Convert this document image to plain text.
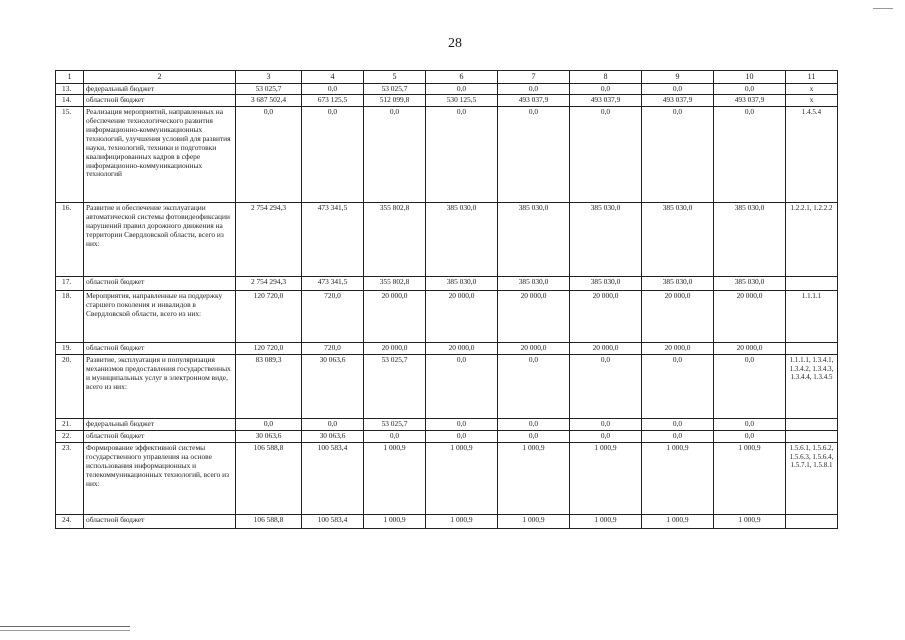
28
1	2	3	4	5	6	7	8	9	10	11
13.	федеральный бюджет	53 025,7	0,0	53 025,7	0,0	0,0	0,0	0,0	0,0	х
14.	областной бюджет	3 687 502,4	673 125,5	512 099,8	530 125,5	493 037,9	493 037,9	493 037,9	493 037,9	х
15.	Реализация мероприятий, направленных на обеспечение технологического развития информационно-коммуникационных технологий, улучшения условий для развития науки, технологий, техники и подготовки квалифицированных кадров в сфере информационно-коммуникационных технологий	0,0	0,0	0,0	0,0	0,0	0,0	0,0	0,0	1.4.5.4
16.	Развитие и обеспечение эксплуатации автоматической системы фотовидеофиксации нарушений правил дорожного движения на территории Свердловской области, всего из них:	2 754 294,3	473 341,5	355 802,8	385 030,0	385 030,0	385 030,0	385 030,0	385 030,0	1.2.2.1, 1.2.2.2
17.	областной бюджет	2 754 294,3	473 341,5	355 802,8	385 030,0	385 030,0	385 030,0	385 030,0	385 030,0	
18.	Мероприятия, направленные на поддержку старшего поколения и инвалидов в Свердловской области, всего из них:	120 720,0	720,0	20 000,0	20 000,0	20 000,0	20 000,0	20 000,0	20 000,0	1.1.1.1
19.	областной бюджет	120 720,0	720,0	20 000,0	20 000,0	20 000,0	20 000,0	20 000,0	20 000,0	
20.	Развитие, эксплуатация и популяризация механизмов предоставления государственных и муниципальных услуг в электронном виде, всего из них:	83 089,3	30 063,6	53 025,7	0,0	0,0	0,0	0,0	0,0	1.1.1.1, 1.3.4.1, 1.3.4.2, 1.3.4.3, 1.3.4.4, 1.3.4.5
21.	федеральный бюджет	0,0	0,0	53 025,7	0,0	0,0	0,0	0,0	0,0	
22.	областной бюджет	30 063,6	30 063,6	0,0	0,0	0,0	0,0	0,0	0,0	
23.	Формирование эффективной системы государственного управления на основе использования информационных и телекоммуникационных технологий, всего из них:	106 588,8	100 583,4	1 000,9	1 000,9	1 000,9	1 000,9	1 000,9	1 000,9	1.5.6.1, 1.5.6.2, 1.5.6.3, 1.5.6.4, 1.5.7.1, 1.5.8.1
24.	областной бюджет	106 588,8	100 583,4	1 000,9	1 000,9	1 000,9	1 000,9	1 000,9	1 000,9	
